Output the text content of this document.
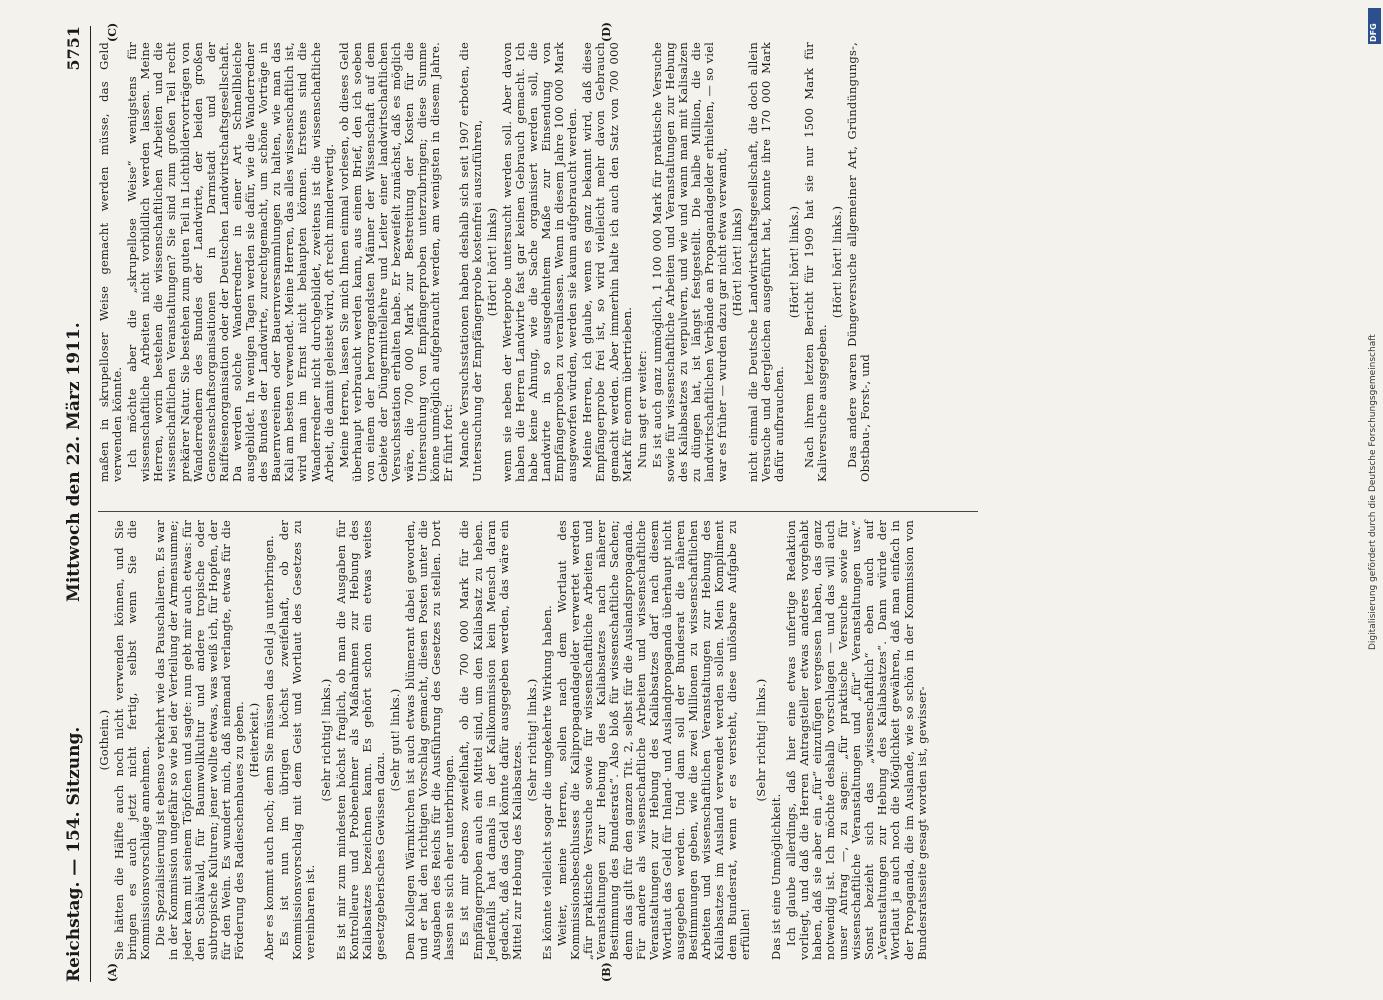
Reichstag. — 154. Sitzung.
Mittwoch den 22. März 1911.
5751
(A)	(B)
(C)	(D)

(Gothein.) Sie hätten die Hälfte auch noch nicht verwenden können, und Sie bringen es auch jetzt nicht fertig, selbst wenn Sie die Kommissionsvorschläge annehmen. Die Spezialisierung ist ebenso verkehrt wie das Pauschalieren. Es war in der Kommission ungefähr so wie bei der Verteilung der Armensumme; jeder kam mit seinem Töpfchen und sagte: nun gebt mir auch etwas: für den Schälwald, für Baumwollkultur und andere tropische oder subtropische Kulturen; jener wollte etwas, was weiß ich, für Hopfen, der für den Wein. Es wundert mich, daß niemand verlangte, etwas für die Förderung des Radieschenbaues zu geben. (Heiterkeit.) Aber es kommt auch noch; denn Sie müssen das Geld ja unterbringen. Es ist nun im übrigen höchst zweifelhaft, ob der Kommissionsvorschlag mit dem Geist und Wortlaut des Gesetzes zu vereinbaren ist.

(Sehr richtig! links.) Es ist mir zum mindesten höchst fraglich, ob man die Ausgaben für Kontrolleure und Probenehmer als Maßnahmen zur Hebung des Kaliabsatzes bezeichnen kann. Es gehört schon ein etwas weites gesetzgeberisches Gewissen dazu.

(Sehr gut! links.) Dem Kollegen Wärmkirchen ist auch etwas blümerant dabei geworden, und er hat den richtigen Vorschlag gemacht, diesen Posten unter die Ausgaben des Reichs für die Ausführung des Gesetzes zu stellen. Dort lassen sie sich eher unterbringen. Es ist mir ebenso zweifelhaft, ob die 700 000 Mark für die Empfängerproben auch ein Mittel sind, um den Kaliabsatz zu heben. Jedenfalls hat damals in der Kalikommission kein Mensch daran gedacht, daß das Geld könnte dafür ausgegeben werden, das wäre ein Mittel zur Hebung des Kaliabsatzes.

(Sehr richtig! links.) Es könnte vielleicht sogar die umgekehrte Wirkung haben. Weiter, meine Herren, sollen nach dem Wortlaut des Kommissionsbeschlusses die Kalipropagandagelder verwertet werden „für praktische Versuche sowie für wissenschaftliche Arbeiten und Veranstaltungen zur Hebung des Kaliabsatzes nach näherer Bestimmung des Bundesrats“. Also bloß für wissenschaftliche Sachen; denn das gilt für den ganzen Tit. 2, selbst für die Auslandspropaganda. Für andere als wissenschaftliche Arbeiten und wissenschaftliche Veranstaltungen zur Hebung des Kaliabsatzes darf nach diesem Wortlaut das Geld für Inland- und Auslandpropaganda überhaupt nicht ausgegeben werden. Und dann soll der Bundesrat die näheren Bestimmungen geben, wie die zwei Millionen zu wissenschaftlichen Arbeiten und wissenschaftlichen Veranstaltungen zur Hebung des Kaliabsatzes im Ausland verwendet werden sollen. Mein Kompliment dem Bundesrat, wenn er es versteht, diese unlösbare Aufgabe zu erfüllen!

(Sehr richtig! links.)

Das ist eine Unmöglichkeit. Ich glaube allerdings, daß hier eine etwas unfertige Redaktion vorliegt, und daß die Herren Antragsteller etwas anderes vorgehabt haben, daß sie aber ein „für“ einzufügen vergessen haben, das ganz notwendig ist. Ich möchte deshalb vorschlagen — und das will auch unser Antrag —, zu sagen: „für praktische Versuche sowie für wissenschaftliche Veranstaltungen und „für“ Veranstaltungen usw.“ Sonst bezieht sich das „wissenschaftlich“ eben auch auf „Veranstaltungen zur Hebung des Kaliabsatzes“. Dann würde der Wortlaut ja auch noch die Möglichkeit gewähren, daß man einfach in der Propaganda, die im Auslande, wie so schön in der Kommission von Bundesratsseite gesagt worden ist, gewisser-

maßen in skrupelloser Weise gemacht werden müsse, das Geld verwenden könnte. Ich möchte aber die „skrupellose Weise“ wenigstens für wissenschaftliche Arbeiten nicht vorbildlich werden lassen. Meine Herren, worin bestehen die wissenschaftlichen Arbeiten und die wissenschaftlichen Veranstaltungen? Sie sind zum großen Teil recht prekärer Natur. Sie bestehen zum guten Teil in Lichtbildervorträgen von Wanderrednern des Bundes der Landwirte, der beiden großen Genossenschaftsorganisationen in Darmstadt und der Raiffeisenorganisation oder der Deutschen Landwirtschaftsgesellschaft. Da werden solche Wanderredner in einer Art Schnellbleiche ausgebildet. In wenigen Tagen werden sie dafür, wie die Wanderredner des Bundes der Landwirte, zurechtgemacht, um schöne Vorträge in Bauernvereinen oder Bauernversammlungen zu halten, wie man das Kali am besten verwendet. Meine Herren, das alles wissenschaftlich ist, wird man im Ernst nicht behaupten können. Erstens sind die Wanderredner nicht durchgebildet, zweitens ist die wissenschaftliche Arbeit, die damit geleistet wird, oft recht minderwertig. Meine Herren, lassen Sie mich Ihnen einmal vorlesen, ob dieses Geld überhaupt verbraucht werden kann, aus einem Brief, den ich soeben von einem der hervorragendsten Männer der Wissenschaft auf dem Gebiete der Düngermittellehre und Leiter einer landwirtschaftlichen Versuchsstation erhalten habe. Er bezweifelt zunächst, daß es möglich wäre, die 700 000 Mark zur Bestreitung der Kosten für die Untersuchung von Empfängerproben unterzubringen; diese Summe könne unmöglich aufgebraucht werden, am wenigsten in diesem Jahre. Er führt fort: Manche Versuchsstationen haben deshalb sich seit 1907 erboten, die Untersuchung der Empfängerprobe kostenfrei auszuführen, (Hört! hört! links) wenn sie neben der Werteprobe untersucht werden soll. Aber davon haben die Herren Landwirte fast gar keinen Gebrauch gemacht. Ich habe keine Ahnung, wie die Sache organisiert werden soll, die Landwirte in so ausgedehntem Maße zur Einsendung von Empfängerproben zu veranlassen. Wenn in diesem Jahre 100 000 Mark ausgeworfen würden, werden sie kaum aufgebraucht werden. Meine Herren, ich glaube, wenn es ganz bekannt wird, daß diese Empfängerprobe frei ist, so wird vielleicht mehr davon Gebrauch gemacht werden. Aber immerhin halte ich auch den Satz von 700 000 Mark für enorm übertrieben. Nun sagt er weiter: Es ist auch ganz unmöglich, 1 100 000 Mark für praktische Versuche sowie für wissenschaftliche Arbeiten und Veranstaltungen zur Hebung des Kaliabsatzes zu verpulvern, und wie und wann man mit Kalisalzen zu düngen hat, ist längst festgestellt. Die halbe Million, die die landwirtschaftlichen Verbände an Propagandagelder erhielten, — so viel war es früher — wurden dazu gar nicht etwa verwandt, (Hört! hört! links) nicht einmal die Deutsche Landwirtschaftsgesellschaft, die doch allein Versuche und dergleichen ausgeführt hat, konnte ihre 170 000 Mark dafür aufbrauchen.

(Hört! hört! links.) Nach ihrem letzten Bericht für 1909 hat sie nur 1500 Mark für Kaliversuche ausgegeben.

(Hört! hört! links.) Das andere waren Düngeversuche allgemeiner Art, Gründüngungs-, Obstbau-, Forst-, und

DFG
Digitalisierung gefördert durch die Deutsche Forschungsgemeinschaft
